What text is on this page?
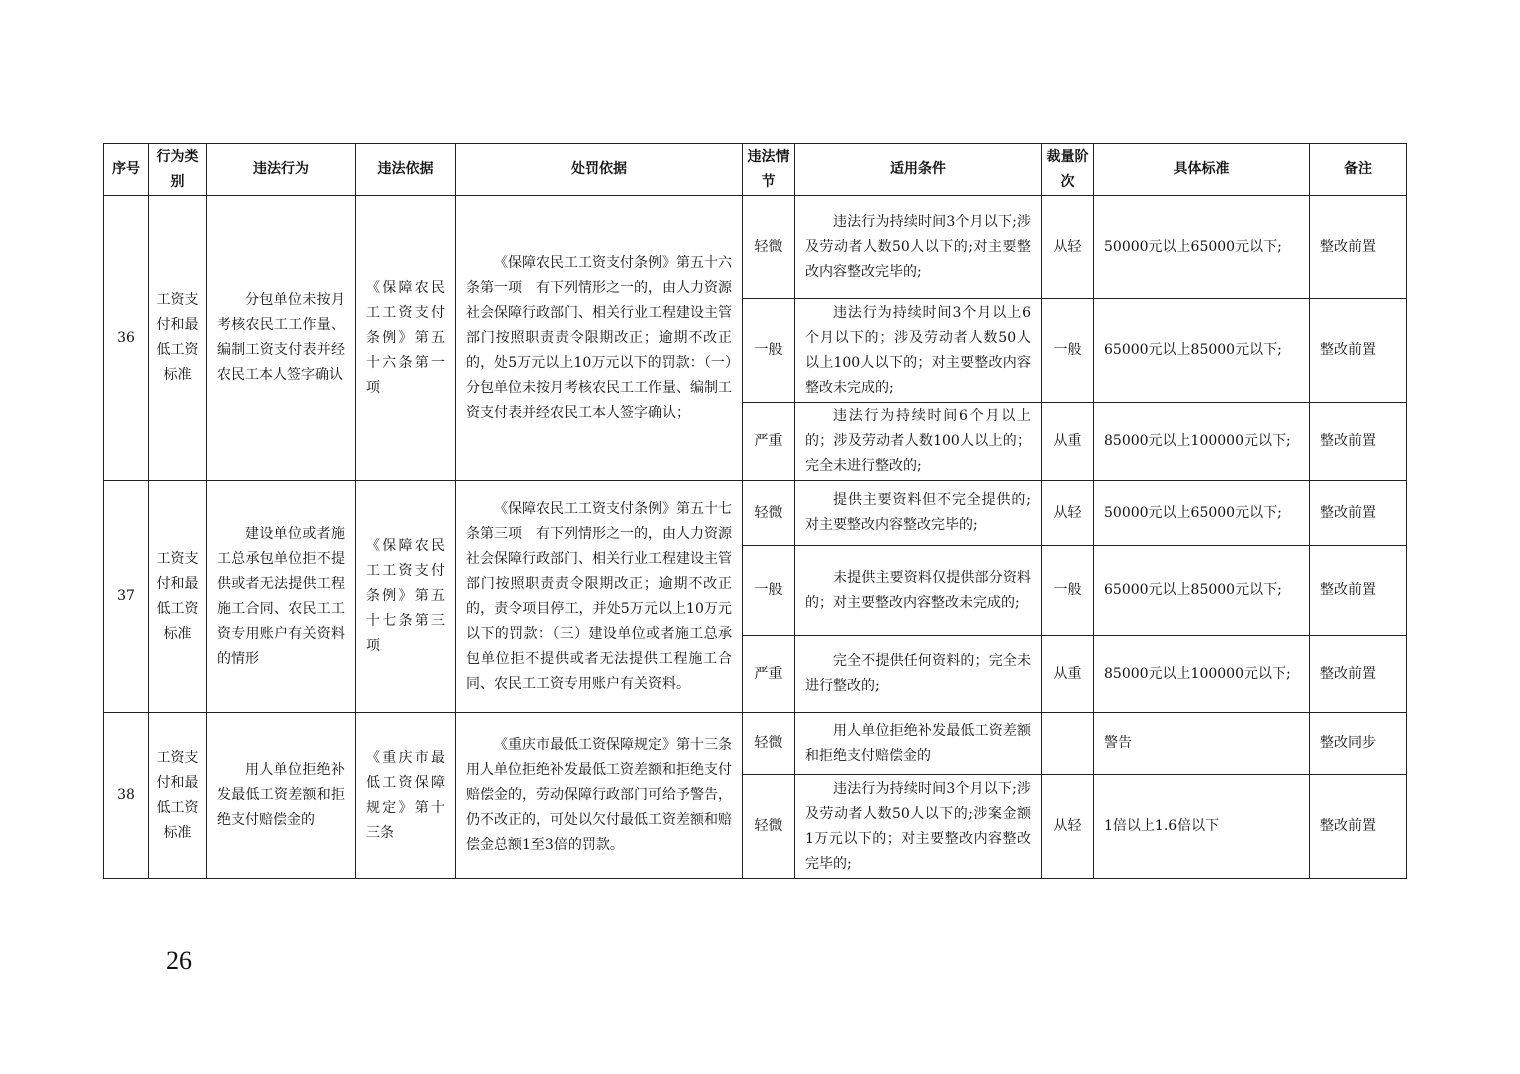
序号	行为类别	违法行为	违法依据	处罚依据	违法情节	适用条件	裁量阶次	具体标准	备注
36	工资支付和最低工资标准	分包单位未按月考核农民工工作量、编制工资支付表并经农民工本人签字确认	《保障农民工工资支付条例》第五十六条第一项	《保障农民工工资支付条例》第五十六条第一项　有下列情形之一的，由人力资源社会保障行政部门、相关行业工程建设主管部门按照职责责令限期改正；逾期不改正的，处5万元以上10万元以下的罚款：（一）分包单位未按月考核农民工工作量、编制工资支付表并经农民工本人签字确认；	轻微	违法行为持续时间3个月以下;涉及劳动者人数50人以下的;对主要整改内容整改完毕的;	从轻	50000元以上65000元以下;	整改前置
					一般	违法行为持续时间3个月以上6个月以下的；涉及劳动者人数50人以上100人以下的；对主要整改内容整改未完成的;	一般	65000元以上85000元以下;	整改前置
					严重	违法行为持续时间6个月以上的；涉及劳动者人数100人以上的；完全未进行整改的;	从重	85000元以上100000元以下;	整改前置
37	工资支付和最低工资标准	建设单位或者施工总承包单位拒不提供或者无法提供工程施工合同、农民工工资专用账户有关资料的情形	《保障农民工工资支付条例》第五十七条第三项	《保障农民工工资支付条例》第五十七条第三项　有下列情形之一的，由人力资源社会保障行政部门、相关行业工程建设主管部门按照职责责令限期改正；逾期不改正的，责令项目停工，并处5万元以上10万元以下的罚款：（三）建设单位或者施工总承包单位拒不提供或者无法提供工程施工合同、农民工工资专用账户有关资料。	轻微	提供主要资料但不完全提供的;对主要整改内容整改完毕的;	从轻	50000元以上65000元以下;	整改前置
					一般	未提供主要资料仅提供部分资料的；对主要整改内容整改未完成的;	一般	65000元以上85000元以下;	整改前置
					严重	完全不提供任何资料的；完全未进行整改的;	从重	85000元以上100000元以下;	整改前置
38	工资支付和最低工资标准	用人单位拒绝补发最低工资差额和拒绝支付赔偿金的	《重庆市最低工资保障规定》第十三条	《重庆市最低工资保障规定》第十三条　用人单位拒绝补发最低工资差额和拒绝支付赔偿金的，劳动保障行政部门可给予警告，仍不改正的，可处以欠付最低工资差额和赔偿金总额1至3倍的罚款。	轻微	用人单位拒绝补发最低工资差额和拒绝支付赔偿金的		警告	整改同步
					轻微	违法行为持续时间3个月以下;涉及劳动者人数50人以下的;涉案金额1万元以下的；对主要整改内容整改完毕的;	从轻	1倍以上1.6倍以下	整改前置
26
